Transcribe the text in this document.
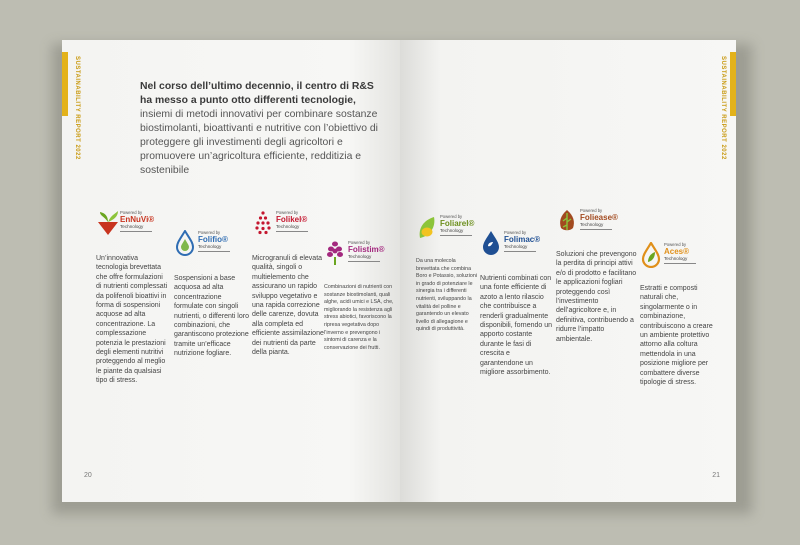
SUSTAINABILITY REPORT 2022	Nel corso dell’ultimo decennio, il centro di R&S ha messo a punto otto differenti tecnologie, insiemi di metodi innovativi per combinare sostanze biostimolanti, bioattivanti e nutritive con l’obiettivo di proteggere gli investimenti degli agricoltori e promuovere un’agricoltura efficiente, redditizia e sostenibile
Powered by
EnNuVi®
Technology
Un’innovativa tecnologia brevettata che offre formulazioni di nutrienti complessati da polifenoli bioattivi in forma di sospensioni acquose ad alta concentrazione. La complessazione potenzia le prestazioni degli elementi nutritivi proteggendo al meglio le piante da qualsiasi tipo di stress.
Powered by
Folifio®
Technology
Sospensioni a base acquosa ad alta concentrazione formulate con singoli nutrienti, o differenti loro combinazioni, che garantiscono protezione tramite un’efficace nutrizione fogliare.
Powered by
Folikel®
Technology
Microgranuli di elevata qualità, singoli o multielemento che assicurano un rapido sviluppo vegetativo e una rapida correzione delle carenze, dovuta alla completa ed efficiente assimilazione dei nutrienti da parte della pianta.
Powered by
Folistim®
Technology
Combinazioni di nutrienti con sostanze biostimolanti, quali alghe, acidi umici e LSA, che, migliorando la resistenza agli stress abiotici, favoriscono la ripresa vegetativa dopo l’inverno e prevengono i sintomi di carenza e la conservazione dei frutti.
20
SUSTAINABILITY REPORT 2022
Powered by
Foliarel®
Technology
Da una molecola brevettata che combina Boro e Potassio, soluzioni in grado di potenziare le sinergia tra i differenti nutrienti, sviluppando la vitalità del polline e garantendo un elevato livello di allegagione e quindi di produttività.
Powered by
Folimac®
Technology
Nutrienti combinati con una fonte efficiente di azoto a lento rilascio che contribuisce a renderli gradualmente disponibili, fornendo un apporto costante durante le fasi di crescita e garantendone un migliore assorbimento.
Powered by
Foliease®
Technology
Soluzioni che prevengono la perdita di principi attivi e/o di prodotto e facilitano le applicazioni fogliari proteggendo così l’investimento dell’agricoltore e, in definitiva, contribuendo a ridurre l’impatto ambientale.
Powered by
Aces®
Technology
Estratti e composti naturali che, singolarmente o in combinazione, contribuiscono a creare un ambiente protettivo attorno alla coltura mettendola in una posizione migliore per combattere diverse tipologie di stress.
21
